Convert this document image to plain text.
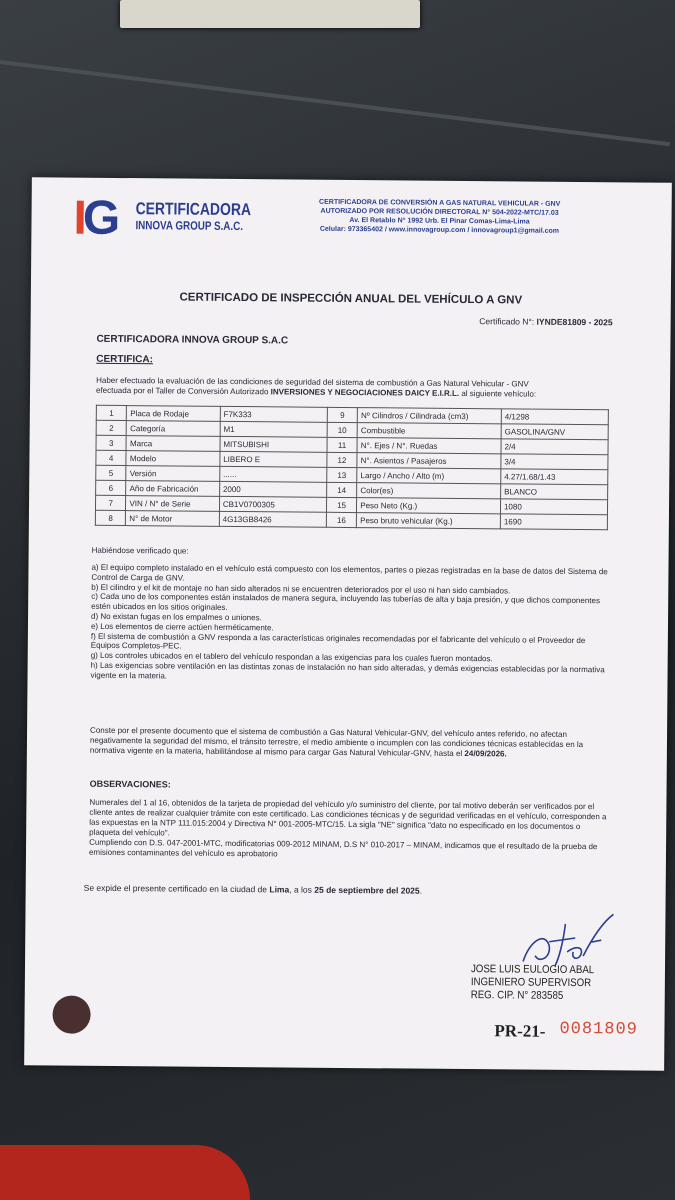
IG CERTIFICADORA
INNOVA GROUP S.A.C.
CERTIFICADORA DE CONVERSIÓN A GAS NATURAL VEHICULAR - GNV
AUTORIZADO POR RESOLUCIÓN DIRECTORAL N° 504-2022-MTC/17.03
Av. El Retablo N° 1992 Urb. El Pinar Comas-Lima-Lima
Celular: 973365402 / www.innovagroup.com / innovagroup1@gmail.com
CERTIFICADO DE INSPECCIÓN ANUAL DEL VEHÍCULO A GNV
Certificado N°: IYNDE81809 - 2025
CERTIFICADORA INNOVA GROUP S.A.C
CERTIFICA:
Haber efectuado la evaluación de las condiciones de seguridad del sistema de combustión a Gas Natural Vehicular - GNV
efectuada por el Taller de Conversión Autorizado INVERSIONES Y NEGOCIACIONES DAICY E.I.R.L. al siguiente vehículo:
1	Placa de Rodaje	F7K333	9	Nº Cilindros / Cilindrada (cm3)	4/1298
2	Categoría	M1	10	Combustible	GASOLINA/GNV
3	Marca	MITSUBISHI	11	N°. Ejes / N°. Ruedas	2/4
4	Modelo	LIBERO E	12	N°. Asientos / Pasajeros	3/4
5	Versión	......	13	Largo / Ancho / Alto (m)	4.27/1.68/1.43
6	Año de Fabricación	2000	14	Color(es)	BLANCO
7	VIN / N° de Serie	CB1V0700305	15	Peso Neto (Kg.)	1080
8	N° de Motor	4G13GB8426	16	Peso bruto vehicular (Kg.)	1690
Habiéndose verificado que:

a) El equipo completo instalado en el vehículo está compuesto con los elementos, partes o piezas registradas en la base de datos del Sistema de Control de Carga de GNV.

b) El cilindro y el kit de montaje no han sido alterados ni se encuentren deteriorados por el uso ni han sido cambiados.

c) Cada uno de los componentes están instalados de manera segura, incluyendo las tuberías de alta y baja presión, y que dichos componentes estén ubicados en los sitios originales.

d) No existan fugas en los empalmes o uniones.

e) Los elementos de cierre actúen herméticamente.

f) El sistema de combustión a GNV responda a las características originales recomendadas por el fabricante del vehículo o el Proveedor de Equipos Completos-PEC.

g) Los controles ubicados en el tablero del vehículo respondan a las exigencias para los cuales fueron montados.

h) Las exigencias sobre ventilación en las distintas zonas de instalación no han sido alteradas, y demás exigencias establecidas por la normativa vigente en la materia.

Conste por el presente documento que el sistema de combustión a Gas Natural Vehicular-GNV, del vehículo antes referido, no afectan negativamente la seguridad del mismo, el tránsito terrestre, el medio ambiente o incumplen con las condiciones técnicas establecidas en la normativa vigente en la materia, habilitándose al mismo para cargar Gas Natural Vehicular-GNV, hasta el 24/09/2026.
OBSERVACIONES:
Numerales del 1 al 16, obtenidos de la tarjeta de propiedad del vehículo y/o suministro del cliente, por tal motivo deberán ser verificados por el cliente antes de realizar cualquier trámite con este certificado. Las condiciones técnicas y de seguridad verificadas en el vehículo, corresponden a las expuestas en la NTP 111.015:2004 y Directiva N° 001-2005-MTC/15. La sigla "NE" significa "dato no especificado en los documentos o plaqueta del vehículo".
Cumpliendo con D.S. 047-2001-MTC, modificatorias 009-2012 MINAM, D.S N° 010-2017 – MINAM, indicamos que el resultado de la prueba de emisiones contaminantes del vehículo es aprobatorio
Se expide el presente certificado en la ciudad de Lima, a los 25 de septiembre del 2025.
JOSE LUIS EULOGIO ABAL
INGENIERO SUPERVISOR
REG. CIP. N° 283585
PR-21- 0081809
